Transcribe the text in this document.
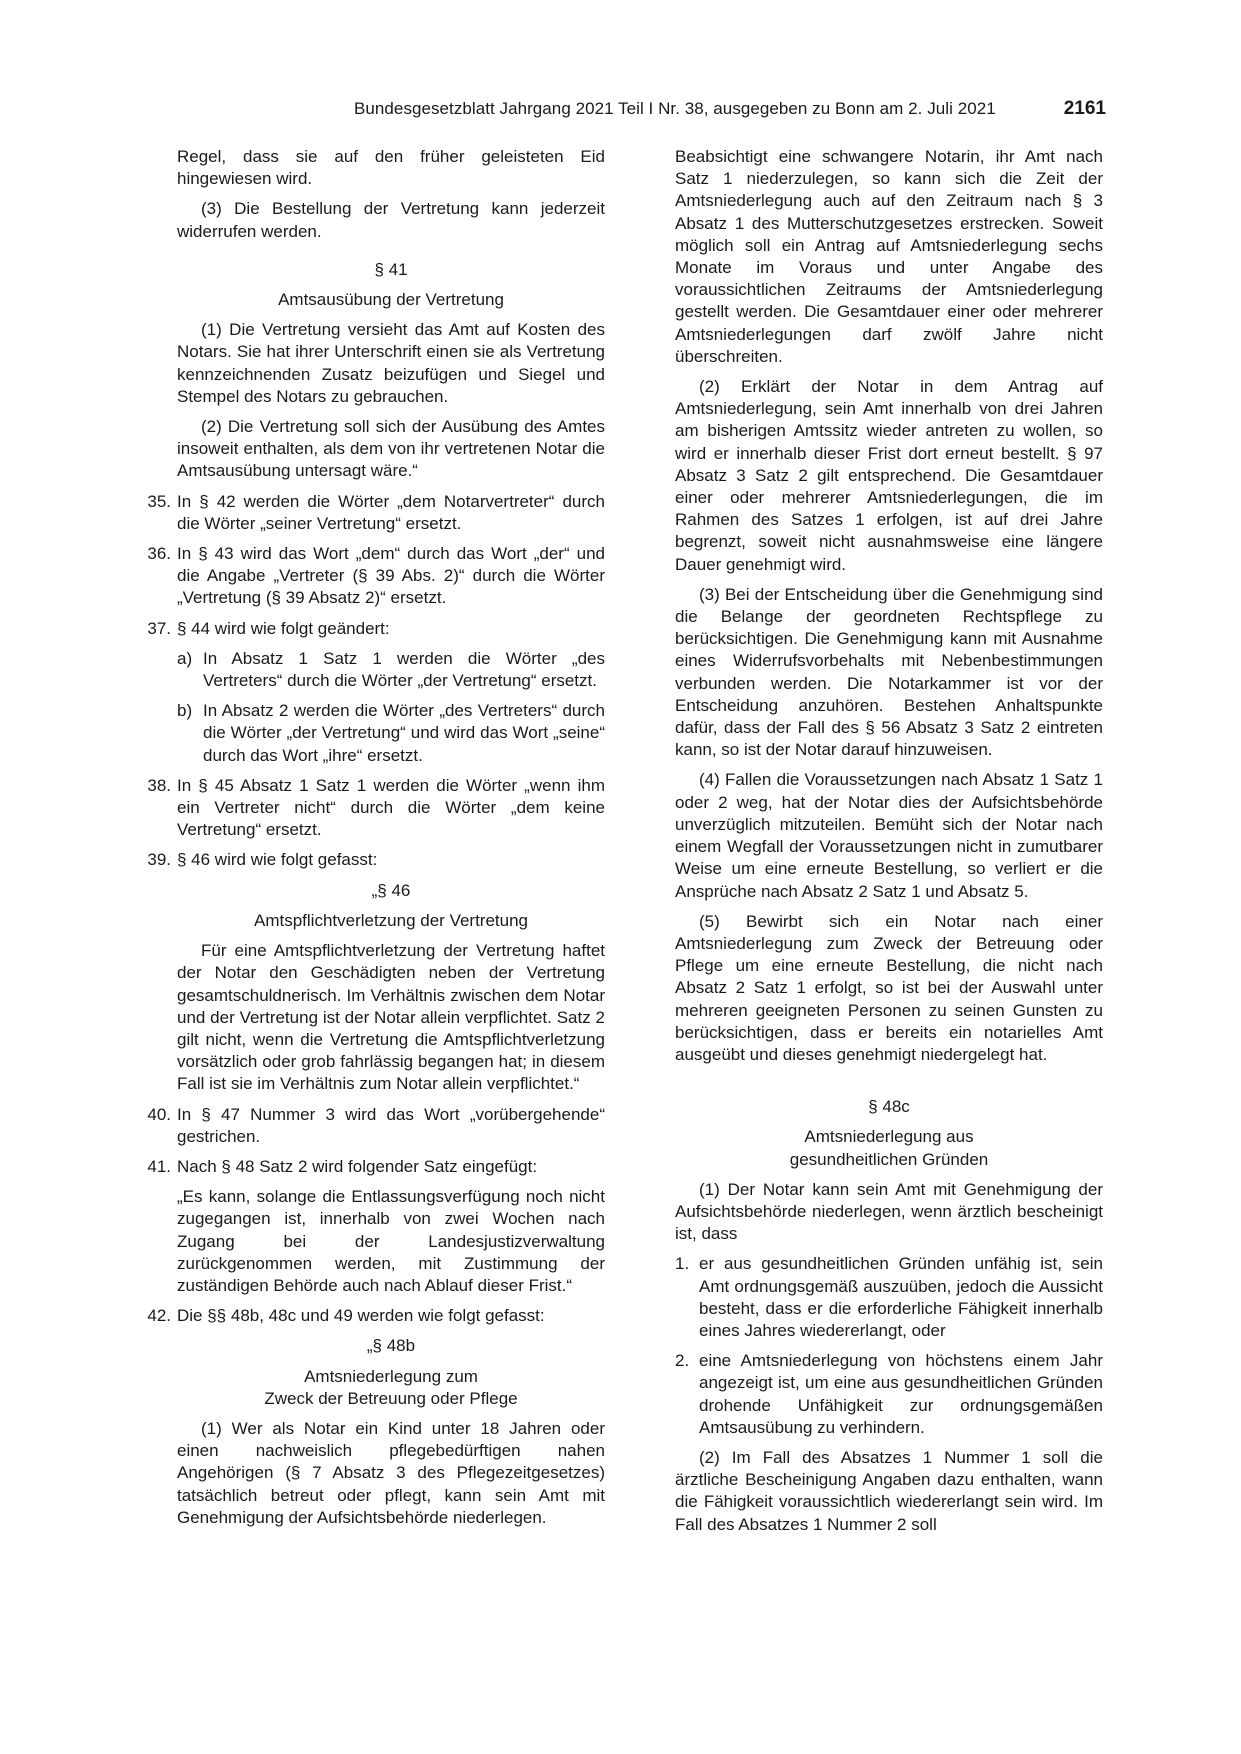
Bundesgesetzblatt Jahrgang 2021 Teil I Nr. 38, ausgegeben zu Bonn am 2. Juli 2021	2161

Regel, dass sie auf den früher geleisteten Eid hingewiesen wird.

(3) Die Bestellung der Vertretung kann jederzeit widerrufen werden.

§ 41
Amtsausübung der Vertretung

(1) Die Vertretung versieht das Amt auf Kosten des Notars. Sie hat ihrer Unterschrift einen sie als Vertretung kennzeichnenden Zusatz beizufügen und Siegel und Stempel des Notars zu gebrauchen.

(2) Die Vertretung soll sich der Ausübung des Amtes insoweit enthalten, als dem von ihr vertretenen Notar die Amtsausübung untersagt wäre.“

35. In § 42 werden die Wörter „dem Notarvertreter“ durch die Wörter „seiner Vertretung“ ersetzt.
36. In § 43 wird das Wort „dem“ durch das Wort „der“ und die Angabe „Vertreter (§ 39 Abs. 2)“ durch die Wörter „Vertretung (§ 39 Absatz 2)“ ersetzt.
37. § 44 wird wie folgt geändert:
a) In Absatz 1 Satz 1 werden die Wörter „des Vertreters“ durch die Wörter „der Vertretung“ ersetzt.
b) In Absatz 2 werden die Wörter „des Vertreters“ durch die Wörter „der Vertretung“ und wird das Wort „seine“ durch das Wort „ihre“ ersetzt.
38. In § 45 Absatz 1 Satz 1 werden die Wörter „wenn ihm ein Vertreter nicht“ durch die Wörter „dem keine Vertretung“ ersetzt.
39. § 46 wird wie folgt gefasst:
„§ 46
Amtspflichtverletzung der Vertretung
Für eine Amtspflichtverletzung der Vertretung haftet der Notar den Geschädigten neben der Vertretung gesamtschuldnerisch. Im Verhältnis zwischen dem Notar und der Vertretung ist der Notar allein verpflichtet. Satz 2 gilt nicht, wenn die Vertretung die Amtspflichtverletzung vorsätzlich oder grob fahrlässig begangen hat; in diesem Fall ist sie im Verhältnis zum Notar allein verpflichtet.“
40. In § 47 Nummer 3 wird das Wort „vorübergehende“ gestrichen.
41. Nach § 48 Satz 2 wird folgender Satz eingefügt:
„Es kann, solange die Entlassungsverfügung noch nicht zugegangen ist, innerhalb von zwei Wochen nach Zugang bei der Landesjustizverwaltung zurückgenommen werden, mit Zustimmung der zuständigen Behörde auch nach Ablauf dieser Frist.“
42. Die §§ 48b, 48c und 49 werden wie folgt gefasst:
„§ 48b
Amtsniederlegung zum
Zweck der Betreuung oder Pflege
(1) Wer als Notar ein Kind unter 18 Jahren oder einen nachweislich pflegebedürftigen nahen Angehörigen (§ 7 Absatz 3 des Pflegezeitgesetzes) tatsächlich betreut oder pflegt, kann sein Amt mit Genehmigung der Aufsichtsbehörde niederlegen.

Beabsichtigt eine schwangere Notarin, ihr Amt nach Satz 1 niederzulegen, so kann sich die Zeit der Amtsniederlegung auch auf den Zeitraum nach § 3 Absatz 1 des Mutterschutzgesetzes erstrecken. Soweit möglich soll ein Antrag auf Amtsniederlegung sechs Monate im Voraus und unter Angabe des voraussichtlichen Zeitraums der Amtsniederlegung gestellt werden. Die Gesamtdauer einer oder mehrerer Amtsniederlegungen darf zwölf Jahre nicht überschreiten.

(2) Erklärt der Notar in dem Antrag auf Amtsniederlegung, sein Amt innerhalb von drei Jahren am bisherigen Amtssitz wieder antreten zu wollen, so wird er innerhalb dieser Frist dort erneut bestellt. § 97 Absatz 3 Satz 2 gilt entsprechend. Die Gesamtdauer einer oder mehrerer Amtsniederlegungen, die im Rahmen des Satzes 1 erfolgen, ist auf drei Jahre begrenzt, soweit nicht ausnahmsweise eine längere Dauer genehmigt wird.

(3) Bei der Entscheidung über die Genehmigung sind die Belange der geordneten Rechtspflege zu berücksichtigen. Die Genehmigung kann mit Ausnahme eines Widerrufsvorbehalts mit Nebenbestimmungen verbunden werden. Die Notarkammer ist vor der Entscheidung anzuhören. Bestehen Anhaltspunkte dafür, dass der Fall des § 56 Absatz 3 Satz 2 eintreten kann, so ist der Notar darauf hinzuweisen.

(4) Fallen die Voraussetzungen nach Absatz 1 Satz 1 oder 2 weg, hat der Notar dies der Aufsichtsbehörde unverzüglich mitzuteilen. Bemüht sich der Notar nach einem Wegfall der Voraussetzungen nicht in zumutbarer Weise um eine erneute Bestellung, so verliert er die Ansprüche nach Absatz 2 Satz 1 und Absatz 5.

(5) Bewirbt sich ein Notar nach einer Amtsniederlegung zum Zweck der Betreuung oder Pflege um eine erneute Bestellung, die nicht nach Absatz 2 Satz 1 erfolgt, so ist bei der Auswahl unter mehreren geeigneten Personen zu seinen Gunsten zu berücksichtigen, dass er bereits ein notarielles Amt ausgeübt und dieses genehmigt niedergelegt hat.

§ 48c
Amtsniederlegung aus
gesundheitlichen Gründen

(1) Der Notar kann sein Amt mit Genehmigung der Aufsichtsbehörde niederlegen, wenn ärztlich bescheinigt ist, dass

1. er aus gesundheitlichen Gründen unfähig ist, sein Amt ordnungsgemäß auszuüben, jedoch die Aussicht besteht, dass er die erforderliche Fähigkeit innerhalb eines Jahres wiedererlangt, oder
2. eine Amtsniederlegung von höchstens einem Jahr angezeigt ist, um eine aus gesundheitlichen Gründen drohende Unfähigkeit zur ordnungsgemäßen Amtsausübung zu verhindern.

(2) Im Fall des Absatzes 1 Nummer 1 soll die ärztliche Bescheinigung Angaben dazu enthalten, wann die Fähigkeit voraussichtlich wiedererlangt sein wird. Im Fall des Absatzes 1 Nummer 2 soll
